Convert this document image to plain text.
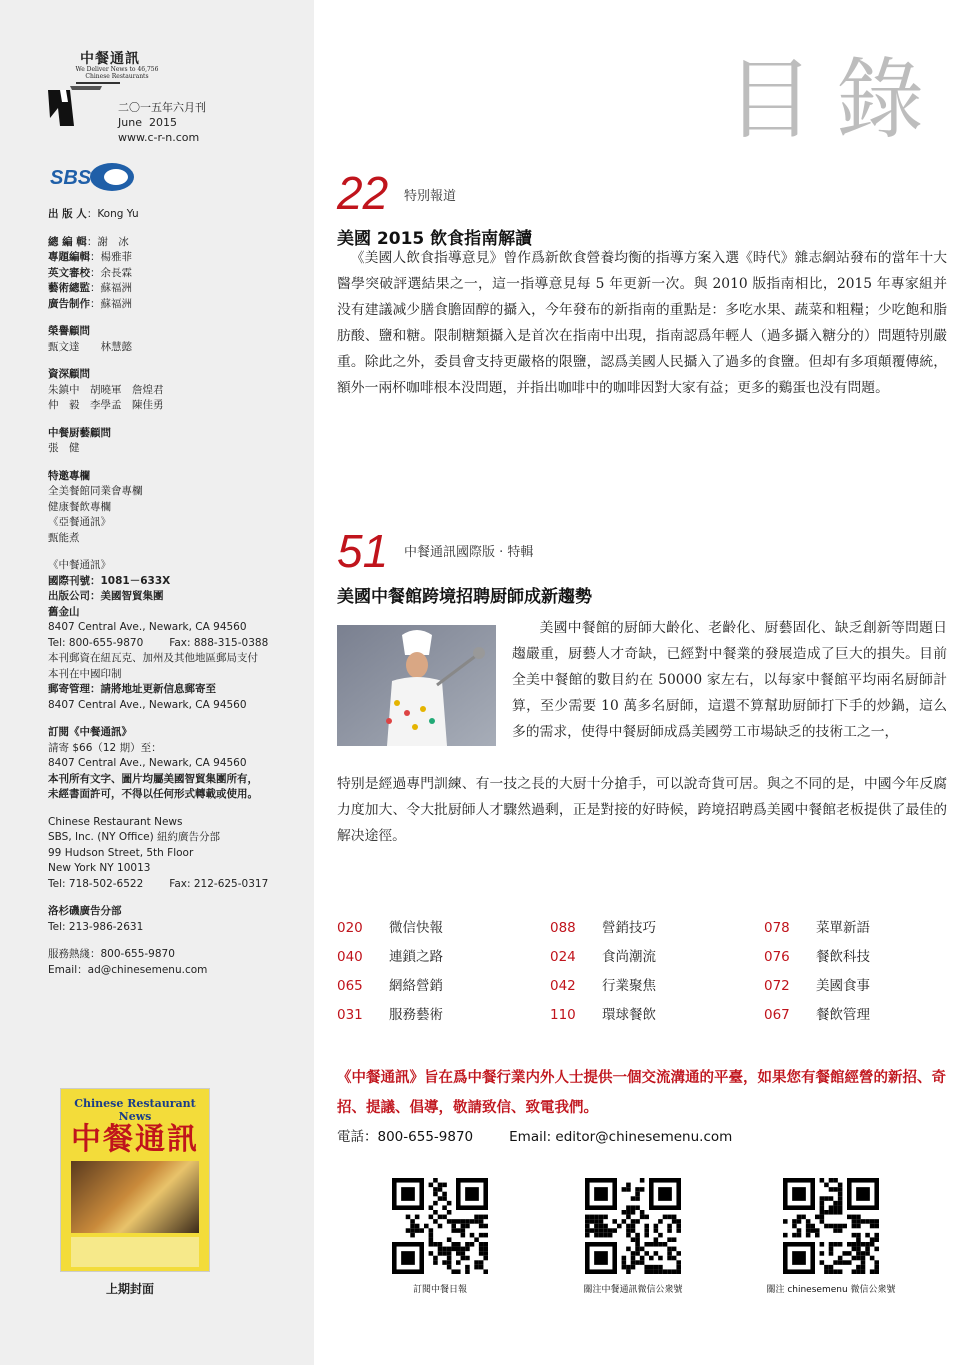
中餐通訊
We Deliver News to 46,756
Chinese Restaurants
二〇一五年六月刊
June 2015
www.c-r-n.com
SBS
出 版 人：Kong Yu
總 編 輯：謝　冰
專題編輯：楊雅菲
英文審校：余長霖
藝術總監：蘇福洲
廣告制作：蘇福洲
榮譽顧問
甄文達　　林慧懿
資深顧問
朱鎮中　胡曉軍　詹煌君
仲　毅　李學孟　陳佳勇
中餐厨藝顧問
張　健
特邀專欄
全美餐館同業會專欄
健康餐飲專欄
《亞餐通訊》
甄能煮
《中餐通訊》
國際刊號：1081－633X
出版公司：美國智貿集團
舊金山
8407 Central Ave., Newark, CA 94560
Tel: 800-655-9870 Fax: 888-315-0388
本刊郵資在紐瓦克、加州及其他地區郵局支付
本刊在中國印制
郵寄管理：請將地址更新信息郵寄至
8407 Central Ave., Newark, CA 94560
訂閱《中餐通訊》
請寄 $66（12 期）至：
8407 Central Ave., Newark, CA 94560
本刊所有文字、圖片均屬美國智貿集團所有，
未經書面許可，不得以任何形式轉載或使用。
Chinese Restaurant News
SBS, Inc. (NY Office) 紐約廣告分部
99 Hudson Street, 5th Floor
New York NY 10013
Tel: 718-502-6522 Fax: 212-625-0317
洛杉磯廣告分部
Tel: 213-986-2631
服務熱綫：800-655-9870
Email：ad@chinesemenu.com
Chinese Restaurant News
中餐通訊
上期封面
目錄
22 特別報道
美國 2015 飲食指南解讀
《美國人飲食指導意見》曾作爲新飲食營養均衡的指導方案入選《時代》雜志網站發布的當年十大醫學突破評選結果之一，這一指導意見每 5 年更新一次。與 2010 版指南相比，2015 年專家組并没有建議减少膳食膽固醇的攝入，今年發布的新指南的重點是：多吃水果、蔬菜和粗糧；少吃飽和脂肪酸、鹽和糖。限制糖類攝入是首次在指南中出現，指南認爲年輕人（過多攝入糖分的）問題特別嚴重。除此之外，委員會支持更嚴格的限鹽，認爲美國人民攝入了過多的食鹽。但却有多項顛覆傳統，額外一兩杯咖啡根本没問題，并指出咖啡中的咖啡因對大家有益；更多的鷄蛋也没有問題。
51 中餐通訊國際版 · 特輯
美國中餐館跨境招聘厨師成新趨勢
美國中餐館的厨師大齡化、老齡化、厨藝固化、缺乏創新等問題日趨嚴重，厨藝人才奇缺，已經對中餐業的發展造成了巨大的損失。目前全美中餐館的數目約在 50000 家左右，以每家中餐館平均兩名厨師計算，至少需要 10 萬多名厨師，這還不算幫助厨師打下手的炒鍋，這么多的需求，使得中餐厨師成爲美國勞工市場缺乏的技術工之一，
特别是經過專門訓練、有一技之長的大厨十分搶手，可以說奇貨可居。與之不同的是，中國今年反腐力度加大、令大批厨師人才驟然過剩，正是對接的好時候，跨境招聘爲美國中餐館老板提供了最佳的解决途徑。
020 微信快報	088 營銷技巧	078 菜單新語
040 連鎖之路	024 食尚潮流	076 餐飲科技
065 網絡營銷	042 行業聚焦	072 美國食事
031 服務藝術	110 環球餐飲	067 餐飲管理
《中餐通訊》旨在爲中餐行業内外人士提供一個交流溝通的平臺，如果您有餐館經營的新招、奇招、提議、倡導，敬請致信、致電我們。
電話：800-655-9870	Email: editor@chinesemenu.com
訂閱中餐日報	關注中餐通訊微信公衆號	關注 chinesemenu 微信公衆號
